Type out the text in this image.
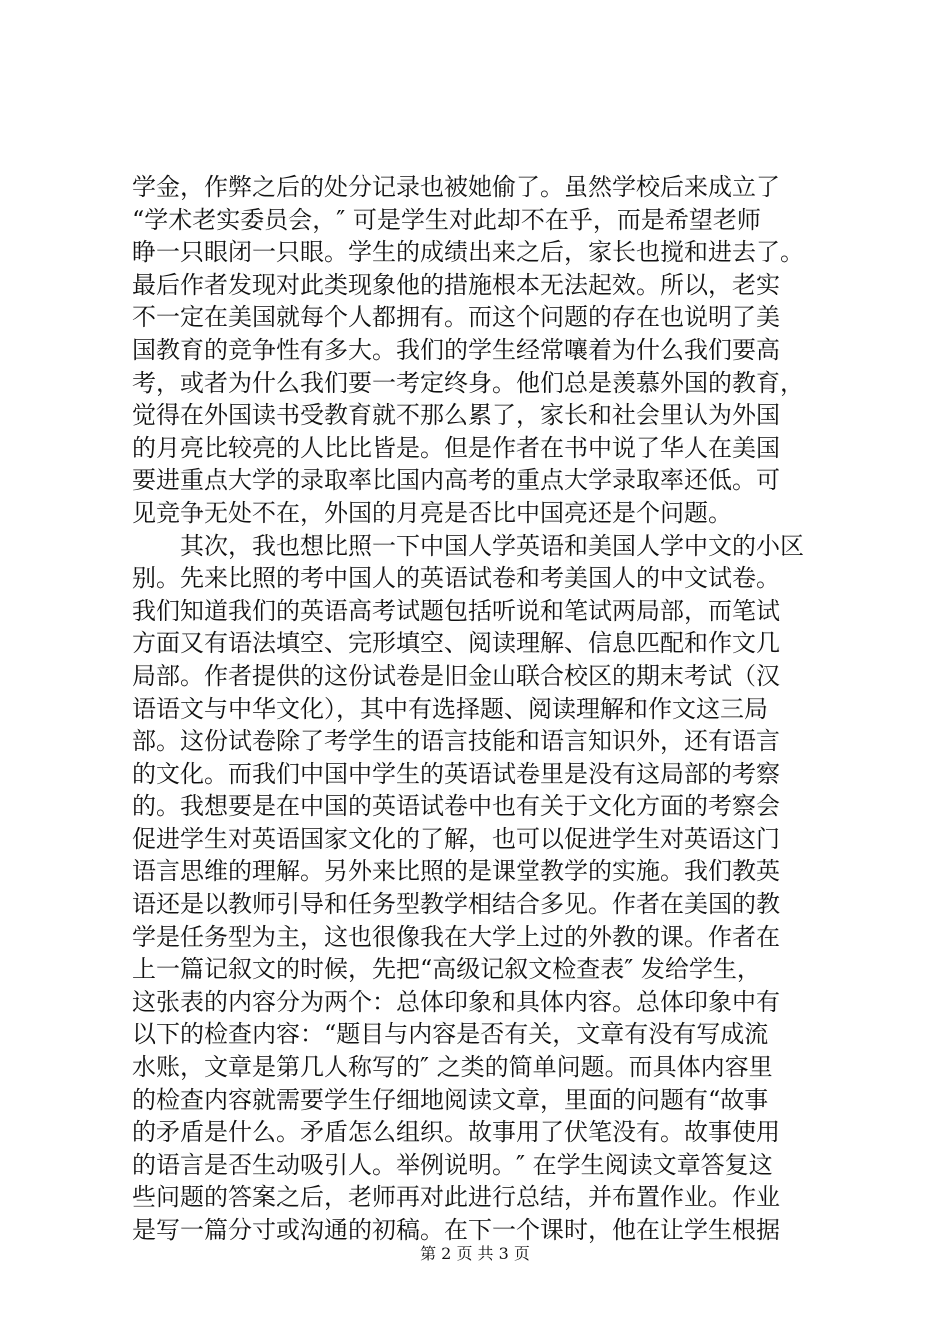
学金，作弊之后的处分记录也被她偷了。虽然学校后来成立了
“学术老实委员会，″ 可是学生对此却不在乎，而是希望老师
睁一只眼闭一只眼。学生的成绩出来之后，家长也搅和进去了。
最后作者发现对此类现象他的措施根本无法起效。所以，老实
不一定在美国就每个人都拥有。而这个问题的存在也说明了美
国教育的竞争性有多大。我们的学生经常嚷着为什么我们要高
考，或者为什么我们要一考定终身。他们总是羡慕外国的教育，
觉得在外国读书受教育就不那么累了，家长和社会里认为外国
的月亮比较亮的人比比皆是。但是作者在书中说了华人在美国
要进重点大学的录取率比国内高考的重点大学录取率还低。可
见竞争无处不在，外国的月亮是否比中国亮还是个问题。
　　其次，我也想比照一下中国人学英语和美国人学中文的小区
别。先来比照的考中国人的英语试卷和考美国人的中文试卷。
我们知道我们的英语高考试题包括听说和笔试两局部，而笔试
方面又有语法填空、完形填空、阅读理解、信息匹配和作文几
局部。作者提供的这份试卷是旧金山联合校区的期末考试（汉
语语文与中华文化），其中有选择题、阅读理解和作文这三局
部。这份试卷除了考学生的语言技能和语言知识外，还有语言
的文化。而我们中国中学生的英语试卷里是没有这局部的考察
的。我想要是在中国的英语试卷中也有关于文化方面的考察会
促进学生对英语国家文化的了解，也可以促进学生对英语这门
语言思维的理解。另外来比照的是课堂教学的实施。我们教英
语还是以教师引导和任务型教学相结合多见。作者在美国的教
学是任务型为主，这也很像我在大学上过的外教的课。作者在
上一篇记叙文的时候，先把“高级记叙文检查表″ 发给学生，
这张表的内容分为两个：总体印象和具体内容。总体印象中有
以下的检查内容：“题目与内容是否有关，文章有没有写成流
水账，文章是第几人称写的″ 之类的简单问题。而具体内容里
的检查内容就需要学生仔细地阅读文章，里面的问题有“故事
的矛盾是什么。矛盾怎么组织。故事用了伏笔没有。故事使用
的语言是否生动吸引人。举例说明。″ 在学生阅读文章答复这
些问题的答案之后，老师再对此进行总结，并布置作业。作业
是写一篇分寸或沟通的初稿。在下一个课时，他在让学生根据
第 2 页 共 3 页
